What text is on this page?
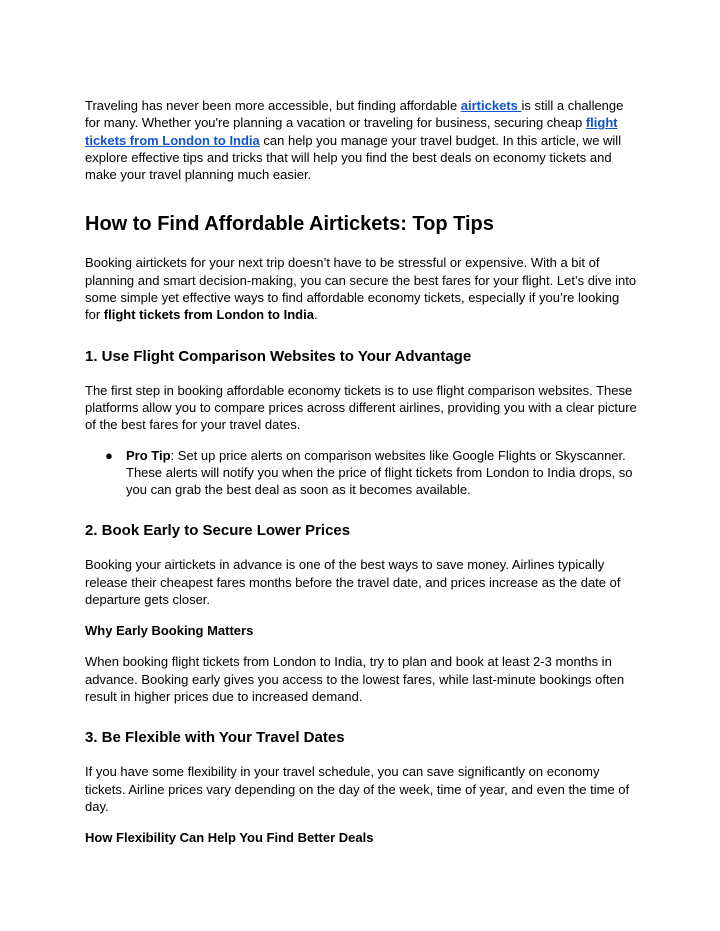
Traveling has never been more accessible, but finding affordable airtickets is still a challenge for many. Whether you're planning a vacation or traveling for business, securing cheap flight tickets from London to India can help you manage your travel budget. In this article, we will explore effective tips and tricks that will help you find the best deals on economy tickets and make your travel planning much easier.

How to Find Affordable Airtickets: Top Tips

Booking airtickets for your next trip doesn’t have to be stressful or expensive. With a bit of planning and smart decision-making, you can secure the best fares for your flight. Let’s dive into some simple yet effective ways to find affordable economy tickets, especially if you’re looking for flight tickets from London to India.

1. Use Flight Comparison Websites to Your Advantage

The first step in booking affordable economy tickets is to use flight comparison websites. These platforms allow you to compare prices across different airlines, providing you with a clear picture of the best fares for your travel dates.

● Pro Tip: Set up price alerts on comparison websites like Google Flights or Skyscanner. These alerts will notify you when the price of flight tickets from London to India drops, so you can grab the best deal as soon as it becomes available.

2. Book Early to Secure Lower Prices

Booking your airtickets in advance is one of the best ways to save money. Airlines typically release their cheapest fares months before the travel date, and prices increase as the date of departure gets closer.

Why Early Booking Matters

When booking flight tickets from London to India, try to plan and book at least 2-3 months in advance. Booking early gives you access to the lowest fares, while last-minute bookings often result in higher prices due to increased demand.

3. Be Flexible with Your Travel Dates

If you have some flexibility in your travel schedule, you can save significantly on economy tickets. Airline prices vary depending on the day of the week, time of year, and even the time of day.

How Flexibility Can Help You Find Better Deals
